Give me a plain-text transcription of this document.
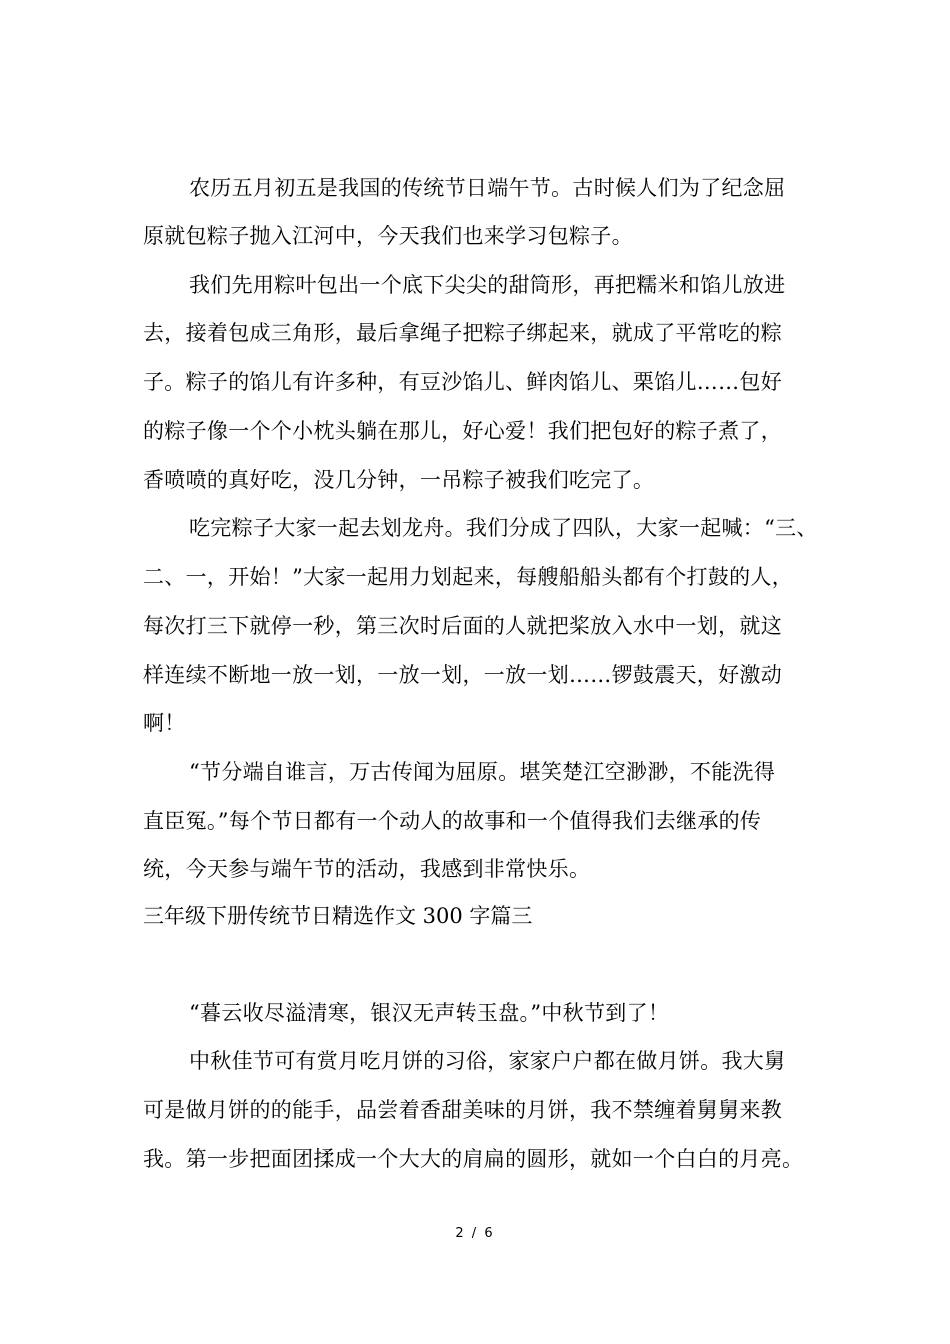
农历五月初五是我国的传统节日端午节。古时候人们为了纪念屈
原就包粽子抛入江河中，今天我们也来学习包粽子。
我们先用粽叶包出一个底下尖尖的甜筒形，再把糯米和馅儿放进
去，接着包成三角形，最后拿绳子把粽子绑起来，就成了平常吃的粽
子。粽子的馅儿有许多种，有豆沙馅儿、鲜肉馅儿、栗馅儿……包好
的粽子像一个个小枕头躺在那儿，好心爱！我们把包好的粽子煮了，
香喷喷的真好吃，没几分钟，一吊粽子被我们吃完了。
吃完粽子大家一起去划龙舟。我们分成了四队，大家一起喊：“三、
二、一，开始！”大家一起用力划起来，每艘船船头都有个打鼓的人，
每次打三下就停一秒，第三次时后面的人就把桨放入水中一划，就这
样连续不断地一放一划，一放一划，一放一划……锣鼓震天，好激动
啊！
“节分端自谁言，万古传闻为屈原。堪笑楚江空渺渺，不能洗得
直臣冤。”每个节日都有一个动人的故事和一个值得我们去继承的传
统，今天参与端午节的活动，我感到非常快乐。
三年级下册传统节日精选作文 300 字篇三
“暮云收尽溢清寒，银汉无声转玉盘。”中秋节到了！
中秋佳节可有赏月吃月饼的习俗，家家户户都在做月饼。我大舅
可是做月饼的的能手，品尝着香甜美味的月饼，我不禁缠着舅舅来教
我。第一步把面团揉成一个大大的肩扁的圆形，就如一个白白的月亮。
2 / 6
